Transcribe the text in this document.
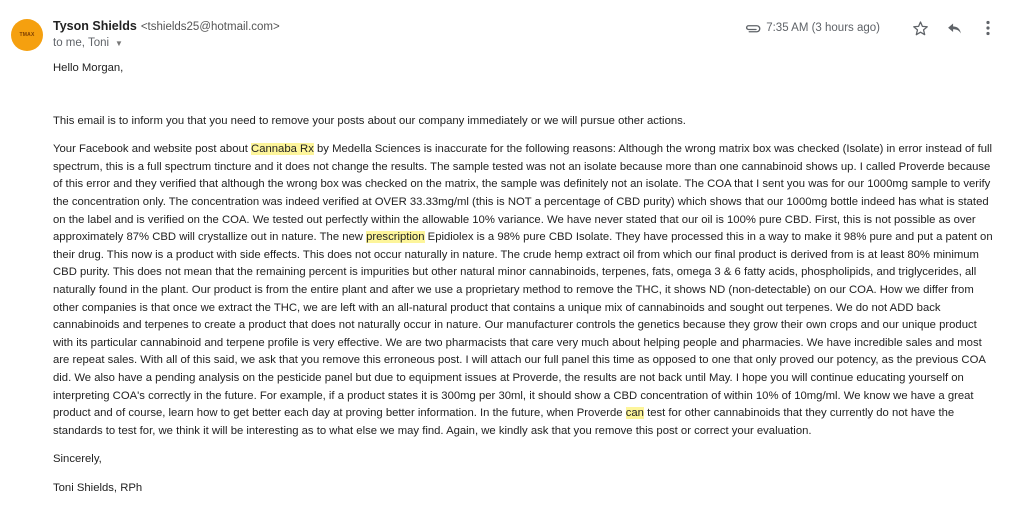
TMAX
Tyson Shields <tshields25@hotmail.com>
to me, Toni ▼
7:35 AM (3 hours ago)

Hello Morgan,

This email is to inform you that you need to remove your posts about our company immediately or we will pursue other actions.

Your Facebook and website post about Cannaba Rx by Medella Sciences is inaccurate for the following reasons: Although the wrong matrix box was checked (Isolate) in error instead of full spectrum, this is a full spectrum tincture and it does not change the results. The sample tested was not an isolate because more than one cannabinoid shows up. I called Proverde because of this error and they verified that although the wrong box was checked on the matrix, the sample was definitely not an isolate. The COA that I sent you was for our 1000mg sample to verify the concentration only. The concentration was indeed verified at OVER 33.33mg/ml (this is NOT a percentage of CBD purity) which shows that our 1000mg bottle indeed has what is stated on the label and is verified on the COA. We tested out perfectly within the allowable 10% variance. We have never stated that our oil is 100% pure CBD. First, this is not possible as over approximately 87% CBD will crystallize out in nature. The new prescription Epidiolex is a 98% pure CBD Isolate. They have processed this in a way to make it 98% pure and put a patent on their drug. This now is a product with side effects. This does not occur naturally in nature. The crude hemp extract oil from which our final product is derived from is at least 80% minimum CBD purity. This does not mean that the remaining percent is impurities but other natural minor cannabinoids, terpenes, fats, omega 3 & 6 fatty acids, phospholipids, and triglycerides, all naturally found in the plant. Our product is from the entire plant and after we use a proprietary method to remove the THC, it shows ND (non-detectable) on our COA. How we differ from other companies is that once we extract the THC, we are left with an all-natural product that contains a unique mix of cannabinoids and sought out terpenes. We do not ADD back cannabinoids and terpenes to create a product that does not naturally occur in nature. Our manufacturer controls the genetics because they grow their own crops and our unique product with its particular cannabinoid and terpene profile is very effective. We are two pharmacists that care very much about helping people and pharmacies. We have incredible sales and most are repeat sales. With all of this said, we ask that you remove this erroneous post. I will attach our full panel this time as opposed to one that only proved our potency, as the previous COA did. We also have a pending analysis on the pesticide panel but due to equipment issues at Proverde, the results are not back until May. I hope you will continue educating yourself on interpreting COA's correctly in the future. For example, if a product states it is 300mg per 30ml, it should show a CBD concentration of within 10% of 10mg/ml. We know we have a great product and of course, learn how to get better each day at proving better information. In the future, when Proverde can test for other cannabinoids that they currently do not have the standards to test for, we think it will be interesting as to what else we may find. Again, we kindly ask that you remove this post or correct your evaluation.

Sincerely,

Toni Shields, RPh
